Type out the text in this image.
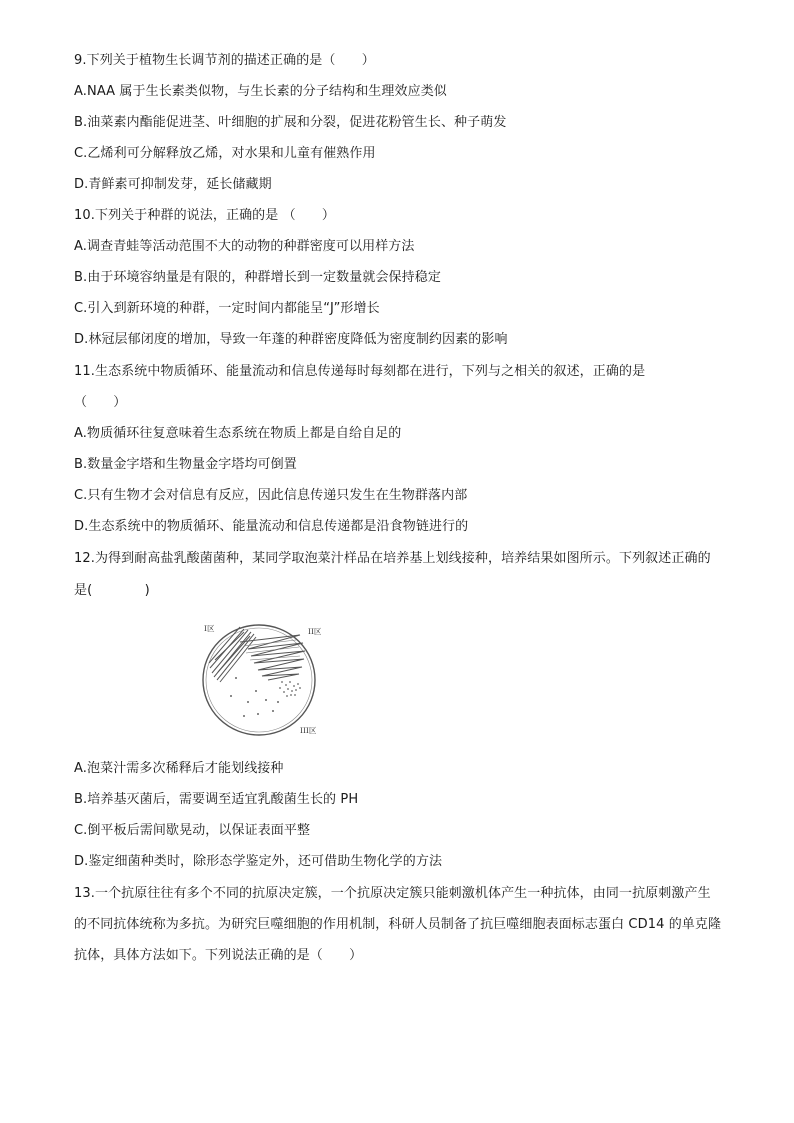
9.下列关于植物生长调节剂的描述正确的是（　　）
A.NAA 属于生长素类似物，与生长素的分子结构和生理效应类似
B.油菜素内酯能促进茎、叶细胞的扩展和分裂，促进花粉管生长、种子萌发
C.乙烯利可分解释放乙烯，对水果和儿童有催熟作用
D.青鲜素可抑制发芽，延长储藏期
10.下列关于种群的说法，正确的是 （　　）
A.调查青蛙等活动范围不大的动物的种群密度可以用样方法
B.由于环境容纳量是有限的，种群增长到一定数量就会保持稳定
C.引入到新环境的种群，一定时间内都能呈“J”形增长
D.林冠层郁闭度的增加，导致一年蓬的种群密度降低为密度制约因素的影响
11.生态系统中物质循环、能量流动和信息传递每时每刻都在进行，下列与之相关的叙述，正确的是
（　　）
A.物质循环往复意味着生态系统在物质上都是自给自足的
B.数量金字塔和生物量金字塔均可倒置
C.只有生物才会对信息有反应，因此信息传递只发生在生物群落内部
D.生态系统中的物质循环、能量流动和信息传递都是沿食物链进行的
12.为得到耐高盐乳酸菌菌种，某同学取泡菜汁样品在培养基上划线接种，培养结果如图所示。下列叙述正确的
是(　　　　)
I区	II区
III区
A.泡菜汁需多次稀释后才能划线接种
B.培养基灭菌后，需要调至适宜乳酸菌生长的 PH
C.倒平板后需间歇晃动，以保证表面平整
D.鉴定细菌种类时，除形态学鉴定外，还可借助生物化学的方法
13.一个抗原往往有多个不同的抗原决定簇，一个抗原决定簇只能刺激机体产生一种抗体，由同一抗原刺激产生
的不同抗体统称为多抗。为研究巨噬细胞的作用机制，科研人员制备了抗巨噬细胞表面标志蛋白 CD14 的单克隆
抗体，具体方法如下。下列说法正确的是（　　）
